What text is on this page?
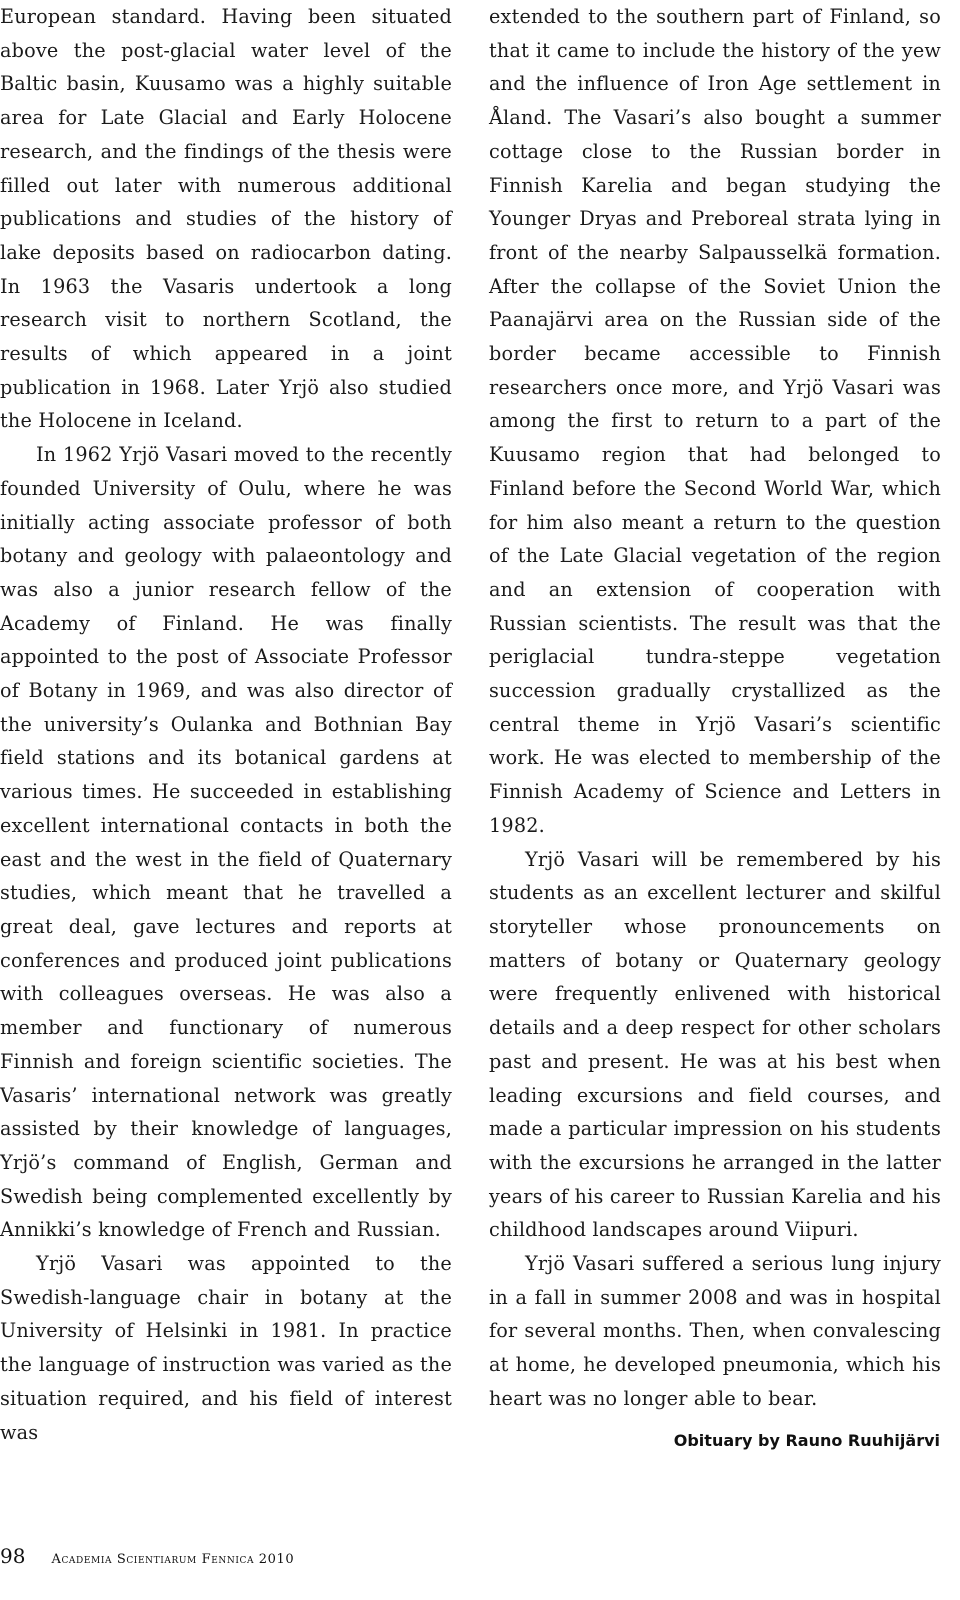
European standard. Having been situated above the post-glacial water level of the Baltic basin, Kuusamo was a highly suitable area for Late Glacial and Early Holocene research, and the findings of the thesis were filled out later with numerous additional publications and studies of the history of lake deposits based on radiocarbon dating. In 1963 the Vasaris undertook a long research visit to northern Scotland, the results of which appeared in a joint publication in 1968. Later Yrjö also studied the Holocene in Iceland.

In 1962 Yrjö Vasari moved to the recently founded University of Oulu, where he was initially acting associate professor of both botany and geology with palaeontology and was also a junior research fellow of the Academy of Finland. He was finally appointed to the post of Associate Professor of Botany in 1969, and was also director of the university’s Oulanka and Bothnian Bay field stations and its botanical gardens at various times. He succeeded in establishing excellent international contacts in both the east and the west in the field of Quaternary studies, which meant that he travelled a great deal, gave lectures and reports at conferences and produced joint publications with colleagues overseas. He was also a member and functionary of numerous Finnish and foreign scientific societies. The Vasaris’ international network was greatly assisted by their knowledge of languages, Yrjö’s command of English, German and Swedish being complemented excellently by Annikki’s knowledge of French and Russian.

Yrjö Vasari was appointed to the Swedish-language chair in botany at the University of Helsinki in 1981. In practice the language of instruction was varied as the situation required, and his field of interest was

extended to the southern part of Finland, so that it came to include the history of the yew and the influence of Iron Age settlement in Åland. The Vasari’s also bought a summer cottage close to the Russian border in Finnish Karelia and began studying the Younger Dryas and Preboreal strata lying in front of the nearby Salpausselkä formation. After the collapse of the Soviet Union the Paanajärvi area on the Russian side of the border became accessible to Finnish researchers once more, and Yrjö Vasari was among the first to return to a part of the Kuusamo region that had belonged to Finland before the Second World War, which for him also meant a return to the question of the Late Glacial vegetation of the region and an extension of cooperation with Russian scientists. The result was that the periglacial tundra-steppe vegetation succession gradually crystallized as the central theme in Yrjö Vasari’s scientific work. He was elected to membership of the Finnish Academy of Science and Letters in 1982.

Yrjö Vasari will be remembered by his students as an excellent lecturer and skilful storyteller whose pronouncements on matters of botany or Quaternary geology were frequently enlivened with historical details and a deep respect for other scholars past and present. He was at his best when leading excursions and field courses, and made a particular impression on his students with the excursions he arranged in the latter years of his career to Russian Karelia and his childhood landscapes around Viipuri.

Yrjö Vasari suffered a serious lung injury in a fall in summer 2008 and was in hospital for several months. Then, when convalescing at home, he developed pneumonia, which his heart was no longer able to bear.

Obituary by Rauno Ruuhijärvi
98 Academia Scientiarum Fennica 2010
